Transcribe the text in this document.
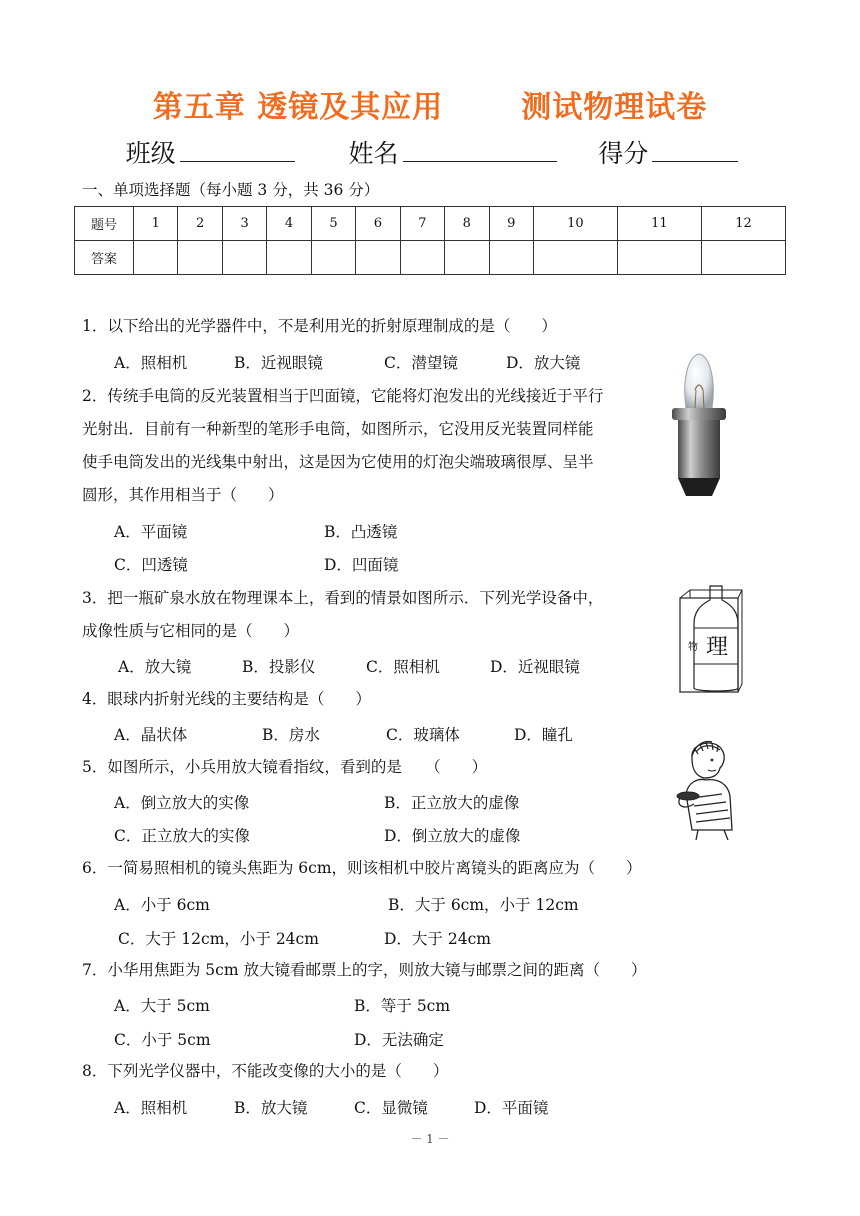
第五章 透镜及其应用	测试物理试卷
班级	姓名	得分
一、单项选择题（每小题 3 分，共 36 分）
题号	1	2	3	4	5	6	7	8	9	10	11	12
答案												
1．以下给出的光学器件中，不是利用光的折射原理制成的是（　　）
A．照相机	B．近视眼镜	C．潜望镜	D．放大镜
2．传统手电筒的反光装置相当于凹面镜，它能将灯泡发出的光线接近于平行
光射出．目前有一种新型的笔形手电筒，如图所示，它没用反光装置同样能
使手电筒发出的光线集中射出，这是因为它使用的灯泡尖端玻璃很厚、呈半
圆形，其作用相当于（　　）
A．平面镜	B．凸透镜
C．凹透镜	D．凹面镜
3．把一瓶矿泉水放在物理课本上，看到的情景如图所示．下列光学设备中，
成像性质与它相同的是（　　）
A．放大镜	B．投影仪	C．照相机	D．近视眼镜
物 理
4．眼球内折射光线的主要结构是（　　）
A．晶状体	B．房水	C．玻璃体	D．瞳孔
5．如图所示，小兵用放大镜看指纹，看到的是　　（　　）
A．倒立放大的实像	B．正立放大的虚像
C．正立放大的实像	D．倒立放大的虚像
6．一简易照相机的镜头焦距为 6cm，则该相机中胶片离镜头的距离应为（　　）
A．小于 6cm	B．大于 6cm，小于 12cm
C．大于 12cm，小于 24cm	D．大于 24cm
7．小华用焦距为 5cm 放大镜看邮票上的字，则放大镜与邮票之间的距离（　　）
A．大于 5cm	B．等于 5cm
C．小于 5cm	D．无法确定
8．下列光学仪器中，不能改变像的大小的是（　　）
A．照相机	B．放大镜	C．显微镜	D．平面镜
－ 1 －
